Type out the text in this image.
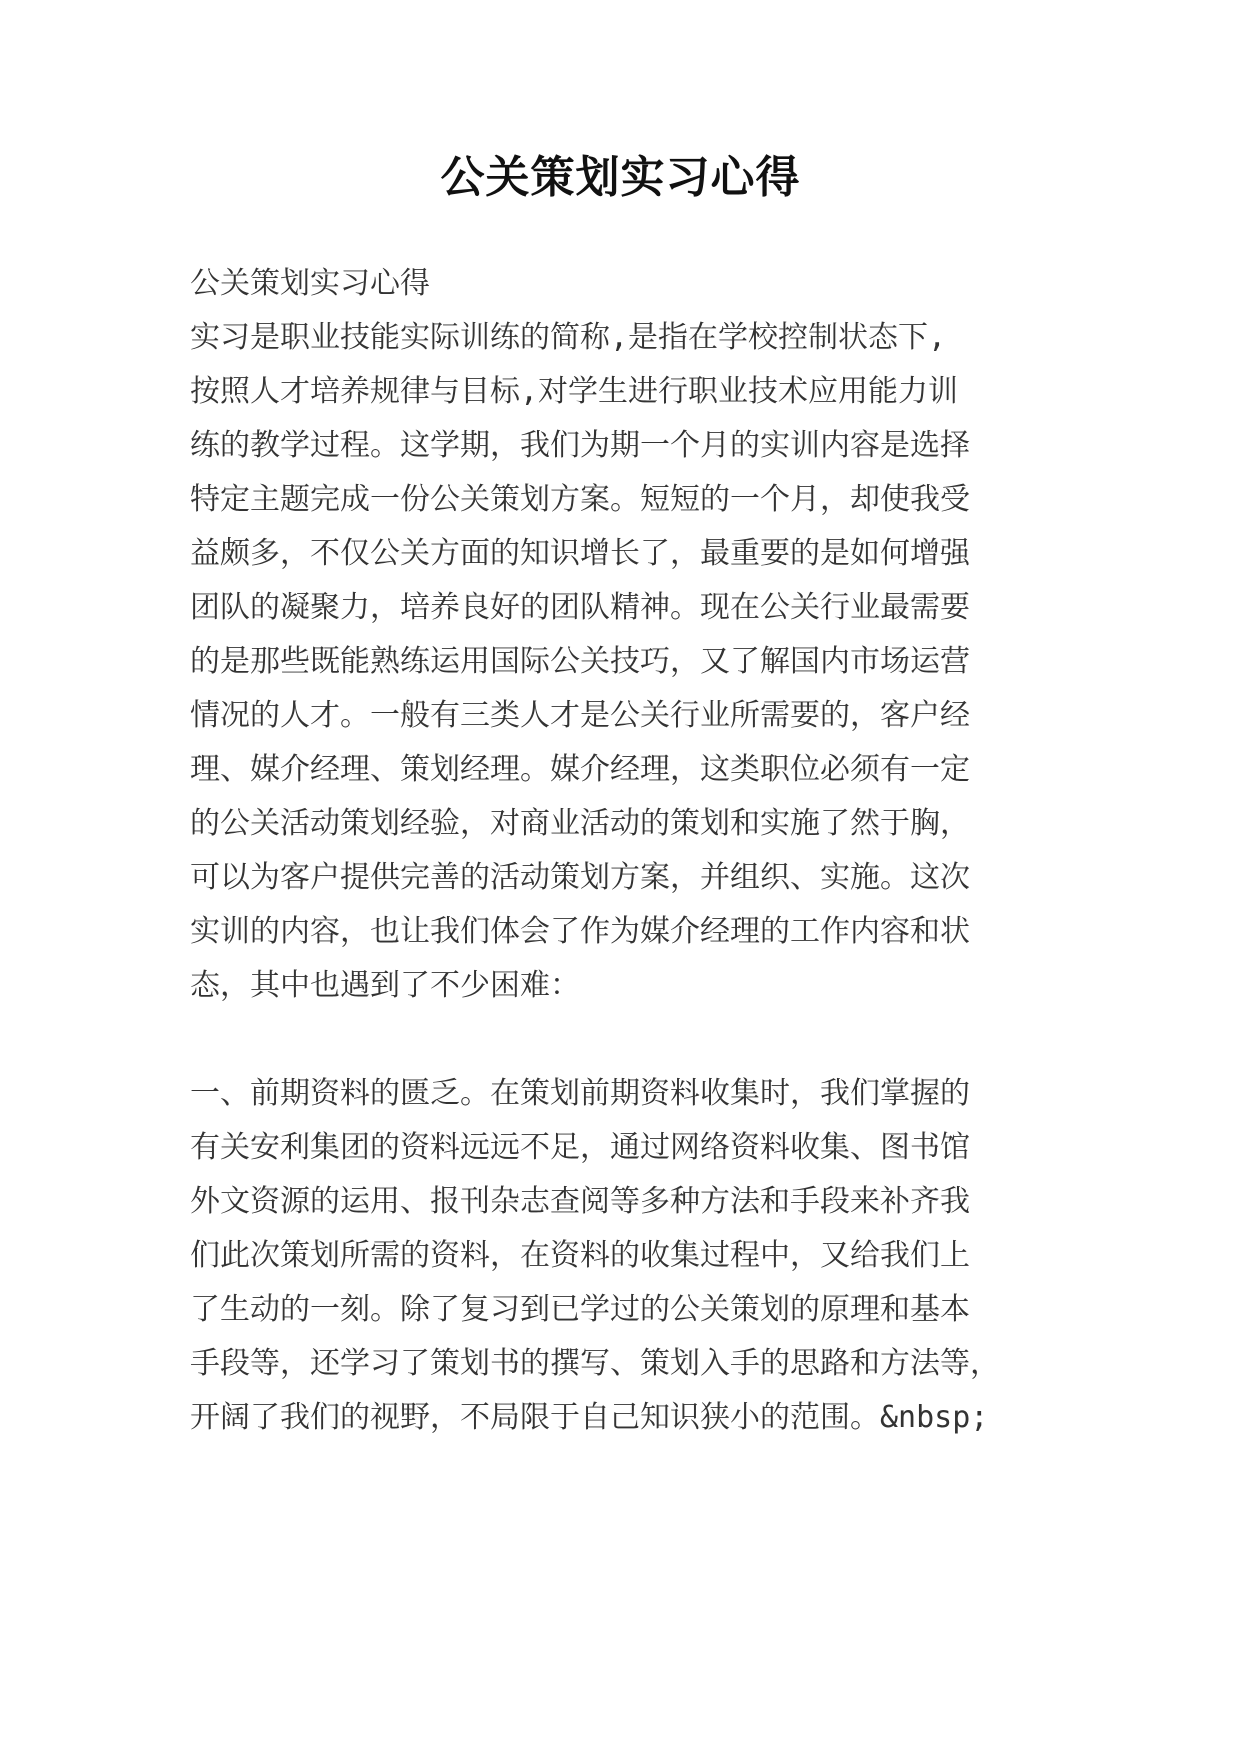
公关策划实习心得
公关策划实习心得
实习是职业技能实际训练的简称,是指在学校控制状态下,
按照人才培养规律与目标,对学生进行职业技术应用能力训
练的教学过程。这学期，我们为期一个月的实训内容是选择
特定主题完成一份公关策划方案。短短的一个月，却使我受
益颇多，不仅公关方面的知识增长了，最重要的是如何增强
团队的凝聚力，培养良好的团队精神。现在公关行业最需要
的是那些既能熟练运用国际公关技巧，又了解国内市场运营
情况的人才。一般有三类人才是公关行业所需要的，客户经
理、媒介经理、策划经理。媒介经理，这类职位必须有一定
的公关活动策划经验，对商业活动的策划和实施了然于胸，
可以为客户提供完善的活动策划方案，并组织、实施。这次
实训的内容，也让我们体会了作为媒介经理的工作内容和状
态，其中也遇到了不少困难：
一、前期资料的匮乏。在策划前期资料收集时，我们掌握的
有关安利集团的资料远远不足，通过网络资料收集、图书馆
外文资源的运用、报刊杂志查阅等多种方法和手段来补齐我
们此次策划所需的资料，在资料的收集过程中，又给我们上
了生动的一刻。除了复习到已学过的公关策划的原理和基本
手段等，还学习了策划书的撰写、策划入手的思路和方法等，
开阔了我们的视野，不局限于自己知识狭小的范围。&nbsp;
